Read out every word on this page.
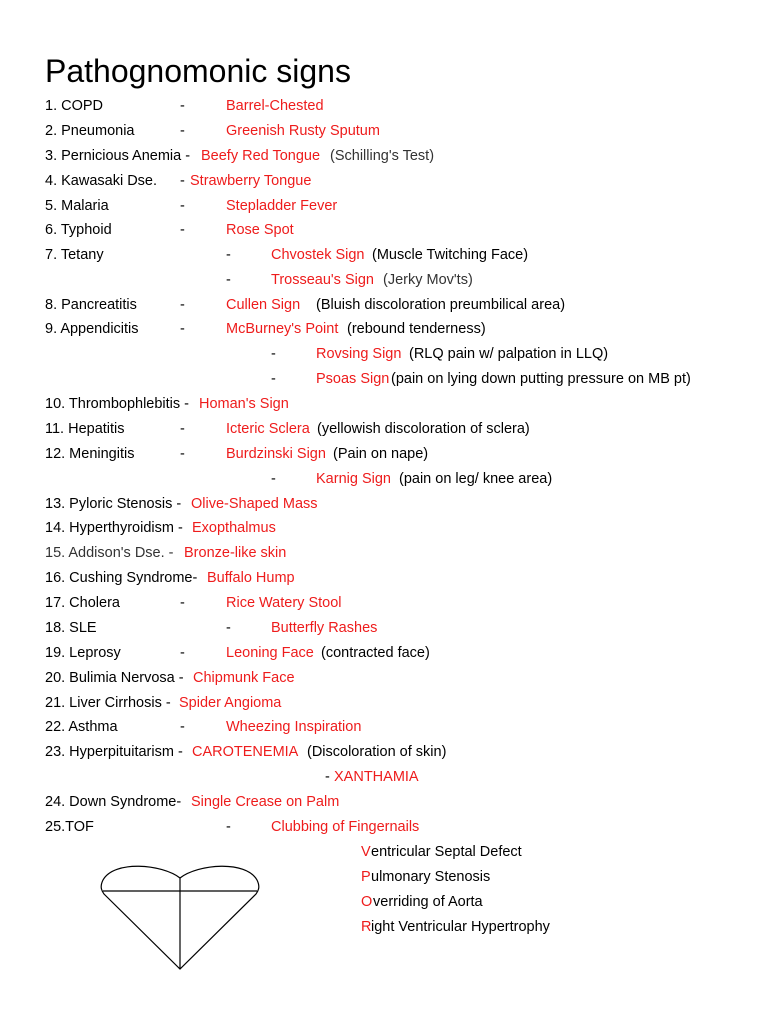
Pathognomonic signs
1. COPD	-	Barrel-Chested
2. Pneumonia	-	Greenish Rusty Sputum
3. Pernicious Anemia - Beefy Red Tongue (Schilling's Test)
4. Kawasaki Dse. - Strawberry Tongue
5. Malaria	-	Stepladder Fever
6. Typhoid	-	Rose Spot
7. Tetany	-	Chvostek Sign (Muscle Twitching Face)
-	Trosseau's Sign (Jerky Mov'ts)
8. Pancreatitis	-	Cullen Sign (Bluish discoloration preumbilical area)
9. Appendicitis	-	McBurney's Point (rebound tenderness)
-	Rovsing Sign (RLQ pain w/ palpation in LLQ)
-	Psoas Sign (pain on lying down putting pressure on MB pt)
10. Thrombophlebitis - Homan's Sign
11. Hepatitis	-	Icteric Sclera (yellowish discoloration of sclera)
12. Meningitis	-	Burdzinski Sign (Pain on nape)
-	Karnig Sign (pain on leg/ knee area)
13. Pyloric Stenosis - Olive-Shaped Mass
14. Hyperthyroidism - Exopthalmus
15. Addison's Dse. - Bronze-like skin
16. Cushing Syndrome- Buffalo Hump
17. Cholera	-	Rice Watery Stool
18. SLE	-	Butterfly Rashes
19. Leprosy	-	Leoning Face (contracted face)
20. Bulimia Nervosa - Chipmunk Face
21. Liver Cirrhosis - Spider Angioma
22. Asthma	-	Wheezing Inspiration
23. Hyperpituitarism - CAROTENEMIA (Discoloration of skin)
- XANTHAMIA
24. Down Syndrome- Single Crease on Palm
25.TOF	-	Clubbing of Fingernails
V entricular Septal Defect
P ulmonary Stenosis
O verriding of Aorta
R ight Ventricular Hypertrophy
